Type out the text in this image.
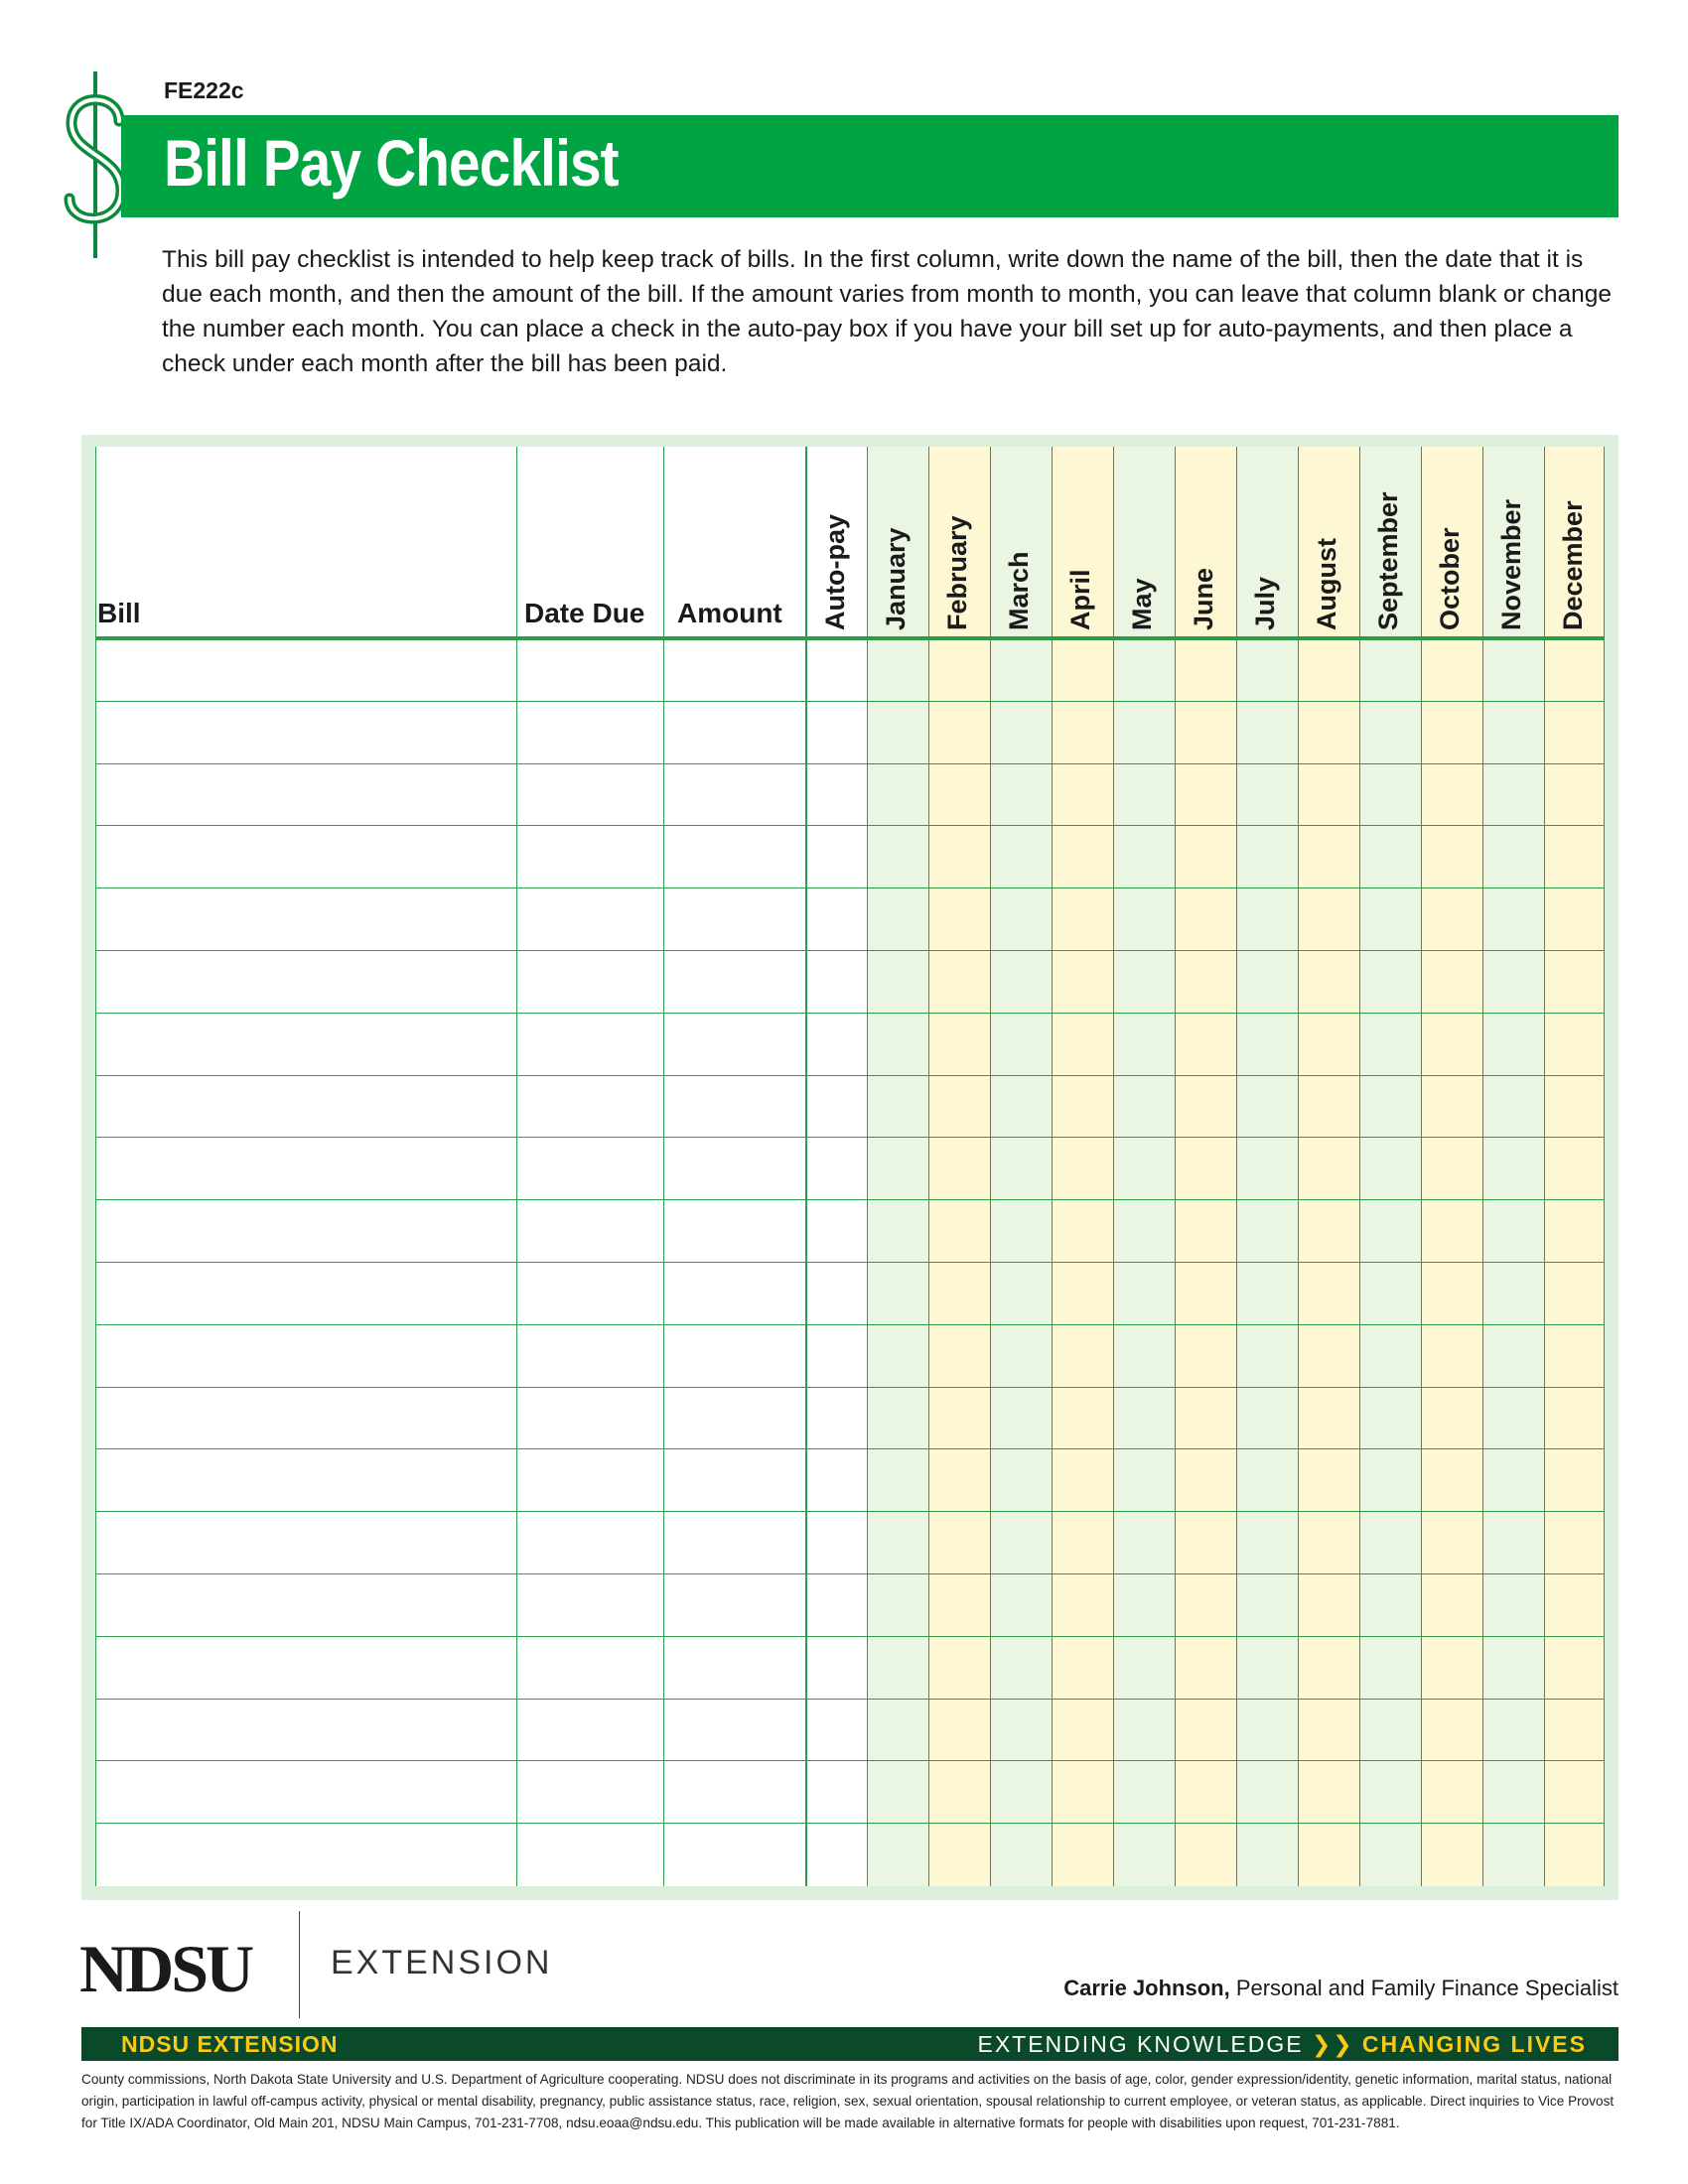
FE222c
Bill Pay Checklist
This bill pay checklist is intended to help keep track of bills. In the first column, write down the name of the bill, then the date that it is due each month, and then the amount of the bill. If the amount varies from month to month, you can leave that column blank or change the number each month. You can place a check in the auto-pay box if you have your bill set up for auto-payments, and then place a check under each month after the bill has been paid.
Bill	Date Due Amount Auto-pay January February March April May June July August September October November December
NDSU EXTENSION
Carrie Johnson, Personal and Family Finance Specialist
NDSU EXTENSION	EXTENDING KNOWLEDGE ❯❯ CHANGING LIVES
County commissions, North Dakota State University and U.S. Department of Agriculture cooperating. NDSU does not discriminate in its programs and activities on the basis of age, color, gender expression/identity, genetic information, marital status, national origin, participation in lawful off-campus activity, physical or mental disability, pregnancy, public assistance status, race, religion, sex, sexual orientation, spousal relationship to current employee, or veteran status, as applicable. Direct inquiries to Vice Provost for Title IX/ADA Coordinator, Old Main 201, NDSU Main Campus, 701-231-7708, ndsu.eoaa@ndsu.edu. This publication will be made available in alternative formats for people with disabilities upon request, 701-231-7881.
